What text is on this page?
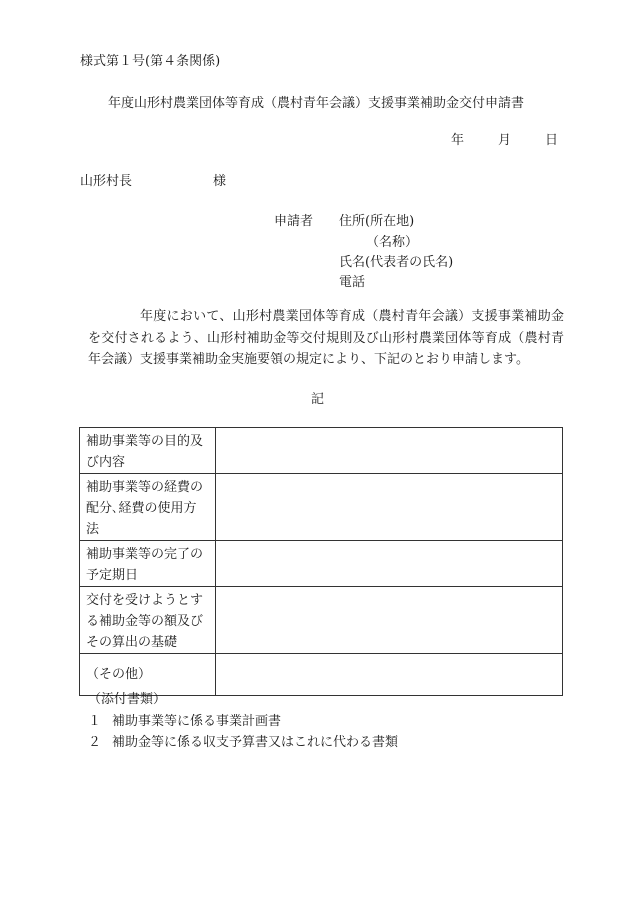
様式第１号(第４条関係)
年度山形村農業団体等育成（農村青年会議）支援事業補助金交付申請書
年	月	日
山形村長	様
申請者 住所(所在地)
（名称）
氏名(代表者の氏名)
電話
年度において、山形村農業団体等育成（農村青年会議）支援事業補助金を交付されるよう、山形村補助金等交付規則及び山形村農業団体等育成（農村青年会議）支援事業補助金実施要領の規定により、下記のとおり申請します。
記
補助事業等の目的及び内容	
補助事業等の経費の配分､経費の使用方法	
補助事業等の完了の予定期日	
交付を受けようとする補助金等の額及びその算出の基礎	
（その他）	
（添付書類）
１ 補助事業等に係る事業計画書
２ 補助金等に係る収支予算書又はこれに代わる書類
